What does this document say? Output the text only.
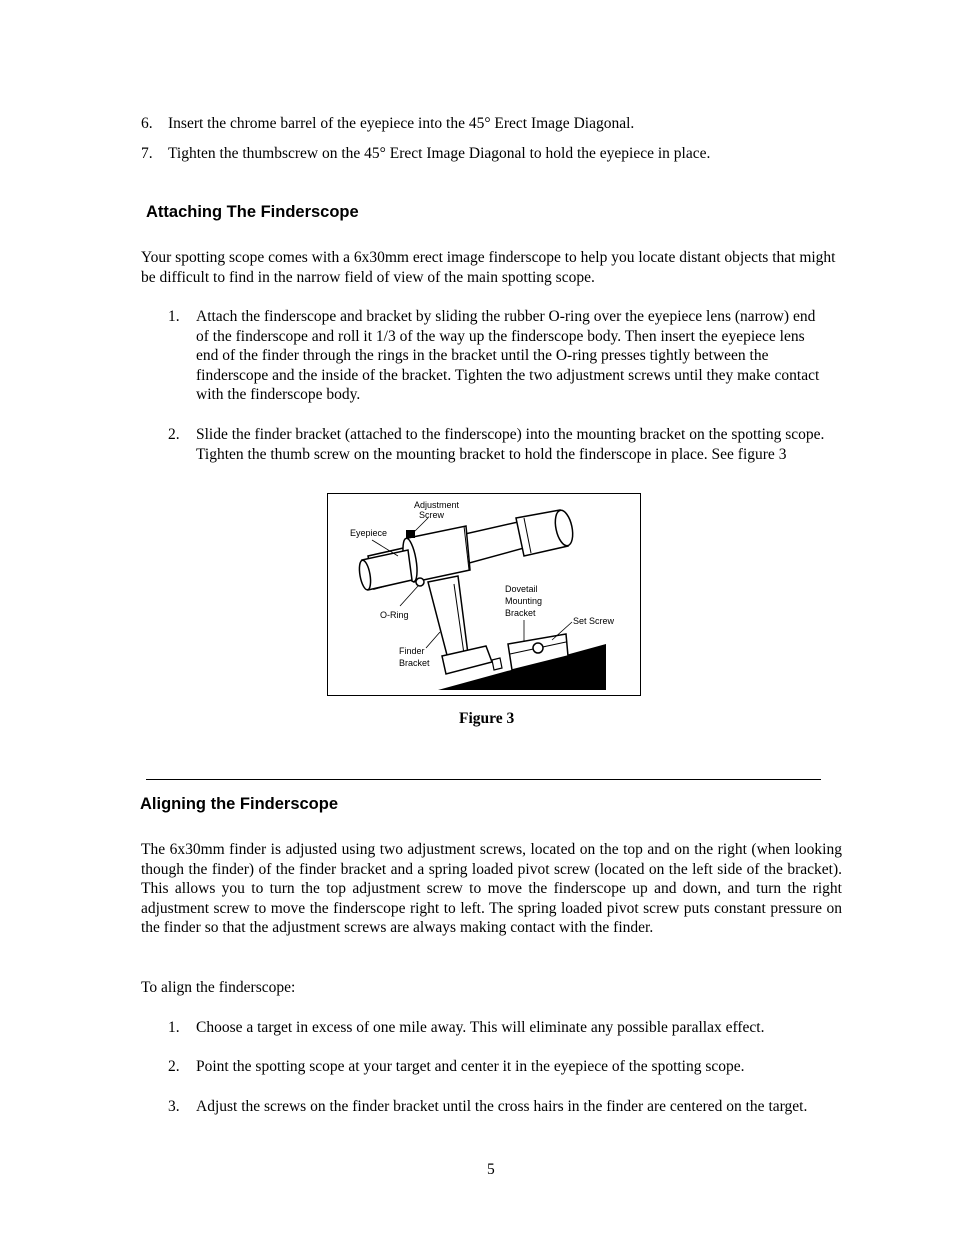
6. Insert the chrome barrel of the eyepiece into the 45° Erect Image Diagonal.
7. Tighten the thumbscrew on the 45° Erect Image Diagonal to hold the eyepiece in place.
Attaching The Finderscope
Your spotting scope comes with a 6x30mm erect image finderscope to help you locate distant objects that might be difficult to find in the narrow field of view of the main spotting scope.
1.	Attach the finderscope and bracket by sliding the rubber O-ring over the eyepiece lens (narrow) end of the finderscope and roll it 1/3 of the way up the finderscope body. Then insert the eyepiece lens end of the finder through the rings in the bracket until the O-ring presses tightly between the finderscope and the inside of the bracket. Tighten the two adjustment screws until they make contact with the finderscope body.
2.	Slide the finder bracket (attached to the finderscope) into the mounting bracket on the spotting scope. Tighten the thumb screw on the mounting bracket to hold the finderscope in place. See figure 3
Adjustment
Screw
Eyepiece
O-Ring
Dovetail
Mounting
Bracket
Set Screw
Finder
Bracket
Figure 3
Aligning the Finderscope
The 6x30mm finder is adjusted using two adjustment screws, located on the top and on the right (when looking though the finder) of the finder bracket and a spring loaded pivot screw (located on the left side of the bracket). This allows you to turn the top adjustment screw to move the finderscope up and down, and turn the right adjustment screw to move the finderscope right to left. The spring loaded pivot screw puts constant pressure on the finder so that the adjustment screws are always making contact with the finder.
To align the finderscope:
1.	Choose a target in excess of one mile away. This will eliminate any possible parallax effect.
2.	Point the spotting scope at your target and center it in the eyepiece of the spotting scope.
3.	Adjust the screws on the finder bracket until the cross hairs in the finder are centered on the target.
5
